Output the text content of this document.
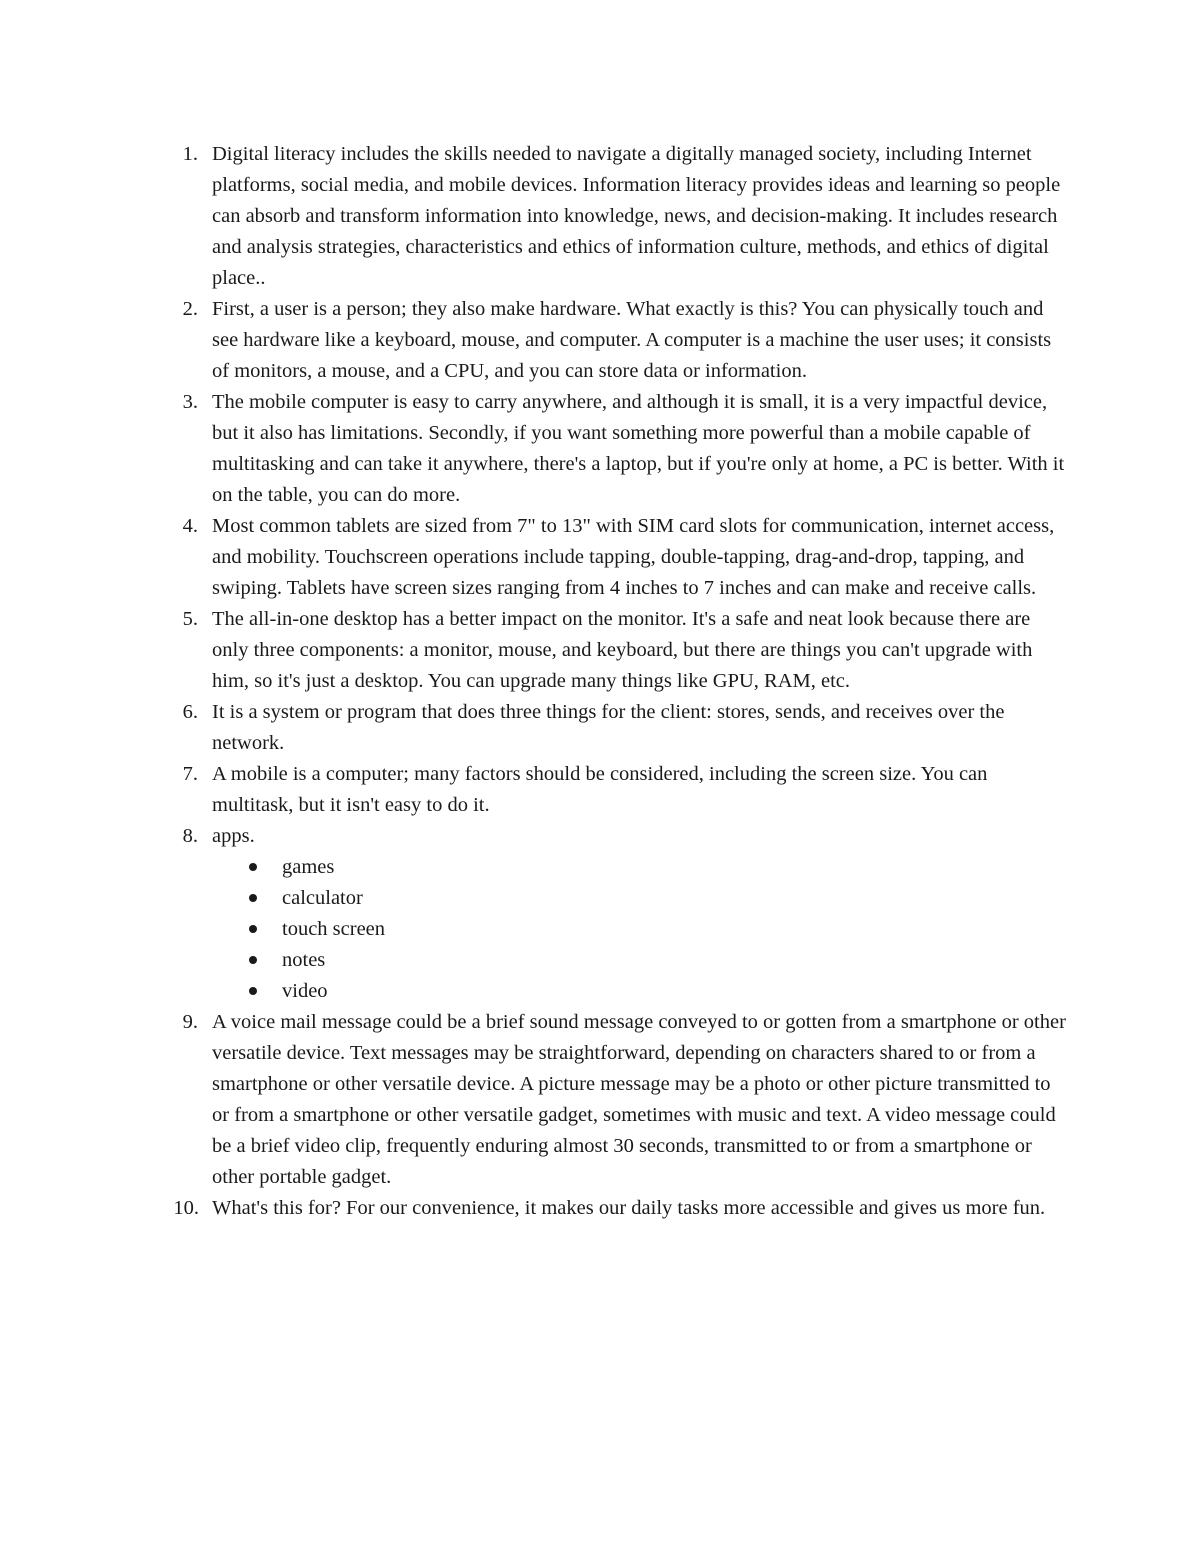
1. Digital literacy includes the skills needed to navigate a digitally managed society, including Internet platforms, social media, and mobile devices. Information literacy provides ideas and learning so people can absorb and transform information into knowledge, news, and decision-making. It includes research and analysis strategies, characteristics and ethics of information culture, methods, and ethics of digital place..
2. First, a user is a person; they also make hardware. What exactly is this? You can physically touch and see hardware like a keyboard, mouse, and computer. A computer is a machine the user uses; it consists of monitors, a mouse, and a CPU, and you can store data or information.
3. The mobile computer is easy to carry anywhere, and although it is small, it is a very impactful device, but it also has limitations. Secondly, if you want something more powerful than a mobile capable of multitasking and can take it anywhere, there's a laptop, but if you're only at home, a PC is better. With it on the table, you can do more.
4. Most common tablets are sized from 7" to 13" with SIM card slots for communication, internet access, and mobility. Touchscreen operations include tapping, double-tapping, drag-and-drop, tapping, and swiping. Tablets have screen sizes ranging from 4 inches to 7 inches and can make and receive calls.
5. The all-in-one desktop has a better impact on the monitor. It's a safe and neat look because there are only three components: a monitor, mouse, and keyboard, but there are things you can't upgrade with him, so it's just a desktop. You can upgrade many things like GPU, RAM, etc.
6. It is a system or program that does three things for the client: stores, sends, and receives over the network.
7. A mobile is a computer; many factors should be considered, including the screen size. You can multitask, but it isn't easy to do it.
8. apps.
games
calculator
touch screen
notes
video
9. A voice mail message could be a brief sound message conveyed to or gotten from a smartphone or other versatile device. Text messages may be straightforward, depending on characters shared to or from a smartphone or other versatile device. A picture message may be a photo or other picture transmitted to or from a smartphone or other versatile gadget, sometimes with music and text. A video message could be a brief video clip, frequently enduring almost 30 seconds, transmitted to or from a smartphone or other portable gadget.
10. What's this for? For our convenience, it makes our daily tasks more accessible and gives us more fun.
